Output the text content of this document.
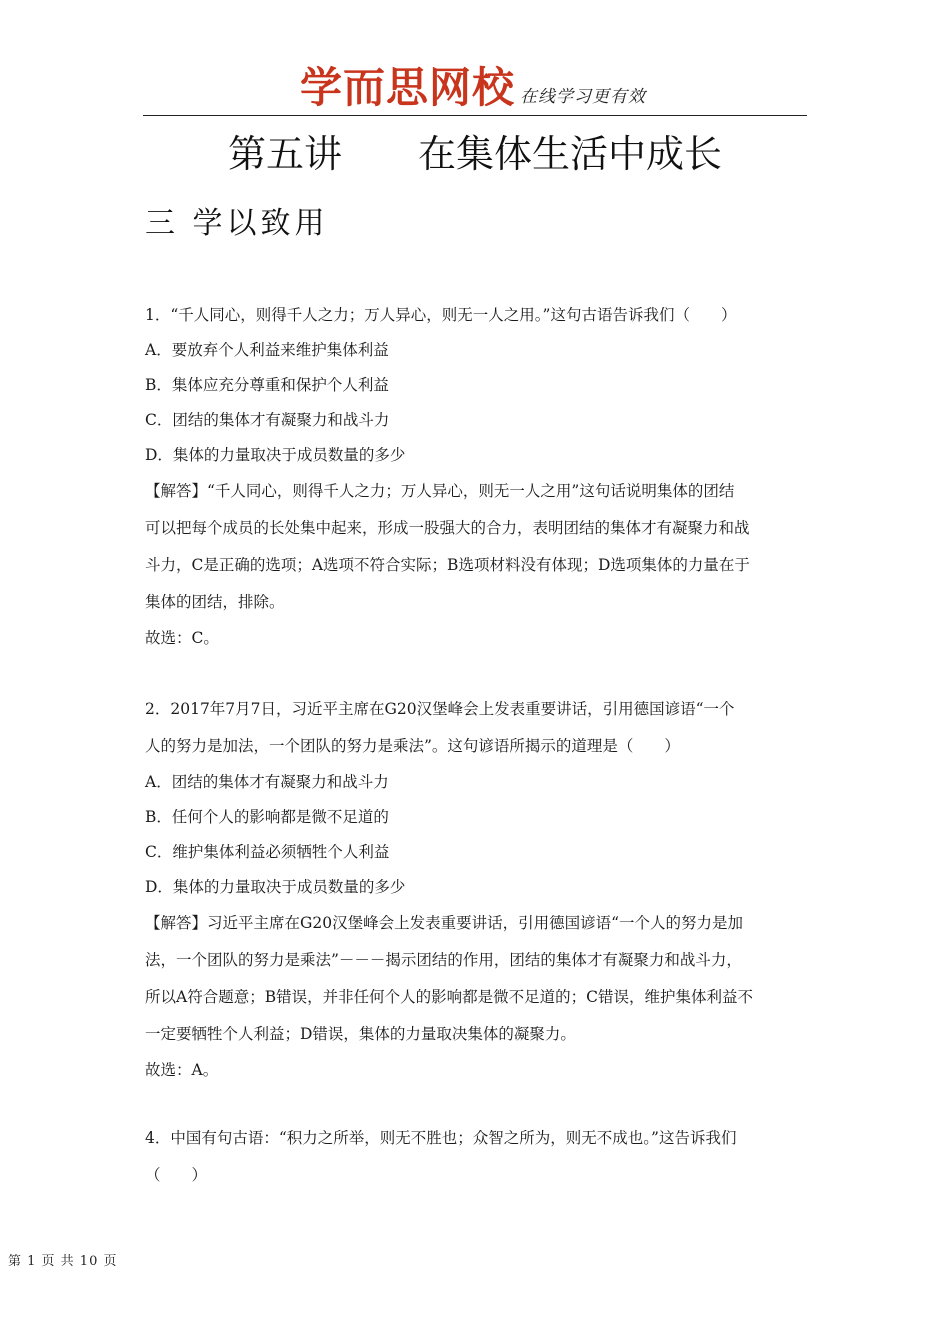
学而思网校 在线学习更有效
第五讲　　在集体生活中成长
三 学以致用
1．“千人同心，则得千人之力；万人异心，则无一人之用。”这句古语告诉我们（　　）
A．要放弃个人利益来维护集体利益
B．集体应充分尊重和保护个人利益
C．团结的集体才有凝聚力和战斗力
D．集体的力量取决于成员数量的多少
【解答】“千人同心，则得千人之力；万人异心，则无一人之用”这句话说明集体的团结
可以把每个成员的长处集中起来，形成一股强大的合力，表明团结的集体才有凝聚力和战
斗力，C是正确的选项；A选项不符合实际；B选项材料没有体现；D选项集体的力量在于
集体的团结，排除。
故选：C。
2．2017年7月7日，习近平主席在G20汉堡峰会上发表重要讲话，引用德国谚语“一个
人的努力是加法，一个团队的努力是乘法”。这句谚语所揭示的道理是（　　）
A．团结的集体才有凝聚力和战斗力
B．任何个人的影响都是微不足道的
C．维护集体利益必须牺牲个人利益
D．集体的力量取决于成员数量的多少
【解答】习近平主席在G20汉堡峰会上发表重要讲话，引用德国谚语“一个人的努力是加
法，一个团队的努力是乘法”－－－揭示团结的作用，团结的集体才有凝聚力和战斗力，
所以A符合题意；B错误，并非任何个人的影响都是微不足道的；C错误，维护集体利益不
一定要牺牲个人利益；D错误，集体的力量取决集体的凝聚力。
故选：A。
4．中国有句古语：“积力之所举，则无不胜也；众智之所为，则无不成也。”这告诉我们
（　　）
第 1 页 共 10 页
